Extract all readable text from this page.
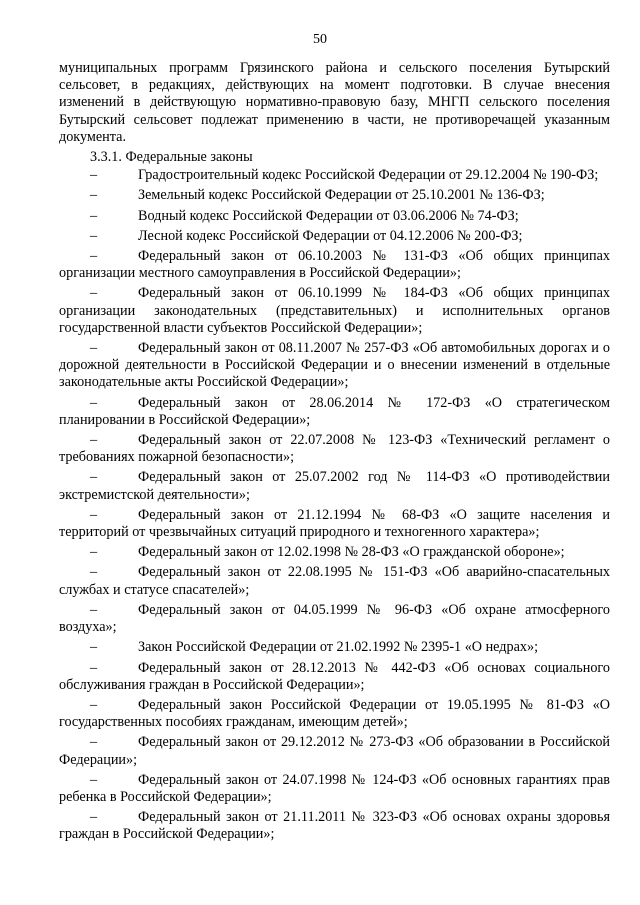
50

муниципальных программ Грязинского района и сельского поселения Бутырский сельсовет, в редакциях, действующих на момент подготовки. В случае внесения изменений в действующую нормативно-правовую базу, МНГП сельского поселения Бутырский сельсовет подлежат применению в части, не противоречащей указанным документа.

3.3.1. Федеральные законы

–	Градостроительный кодекс Российской Федерации от 29.12.2004 № 190-ФЗ;
–	Земельный кодекс Российской Федерации от 25.10.2001 № 136-ФЗ;
–	Водный кодекс Российской Федерации от 03.06.2006 № 74-ФЗ;
–	Лесной кодекс Российской Федерации от 04.12.2006 № 200-ФЗ;
–	Федеральный закон от 06.10.2003 № 131-ФЗ «Об общих принципах организации местного самоуправления в Российской Федерации»;
–	Федеральный закон от 06.10.1999 № 184-ФЗ «Об общих принципах организации законодательных (представительных) и исполнительных органов государственной власти субъектов Российской Федерации»;
–	Федеральный закон от 08.11.2007 № 257-ФЗ «Об автомобильных дорогах и о дорожной деятельности в Российской Федерации и о внесении изменений в отдельные законодательные акты Российской Федерации»;
–	Федеральный закон от 28.06.2014 № 172-ФЗ «О стратегическом планировании в Российской Федерации»;
–	Федеральный закон от 22.07.2008 № 123-ФЗ «Технический регламент о требованиях пожарной безопасности»;
–	Федеральный закон от 25.07.2002 год № 114-ФЗ «О противодействии экстремистской деятельности»;
–	Федеральный закон от 21.12.1994 № 68-ФЗ «О защите населения и территорий от чрезвычайных ситуаций природного и техногенного характера»;
–	Федеральный закон от 12.02.1998 № 28-ФЗ «О гражданской обороне»;
–	Федеральный закон от 22.08.1995 № 151-ФЗ «Об аварийно-спасательных службах и статусе спасателей»;
–	Федеральный закон от 04.05.1999 № 96-ФЗ «Об охране атмосферного воздуха»;
–	Закон Российской Федерации от 21.02.1992 № 2395-1 «О недрах»;
–	Федеральный закон от 28.12.2013 № 442-ФЗ «Об основах социального обслуживания граждан в Российской Федерации»;
–	Федеральный закон Российской Федерации от 19.05.1995 № 81-ФЗ «О государственных пособиях гражданам, имеющим детей»;
–	Федеральный закон от 29.12.2012 № 273-ФЗ «Об образовании в Российской Федерации»;
–	Федеральный закон от 24.07.1998 № 124-ФЗ «Об основных гарантиях прав ребенка в Российской Федерации»;
–	Федеральный закон от 21.11.2011 № 323-ФЗ «Об основах охраны здоровья граждан в Российской Федерации»;
